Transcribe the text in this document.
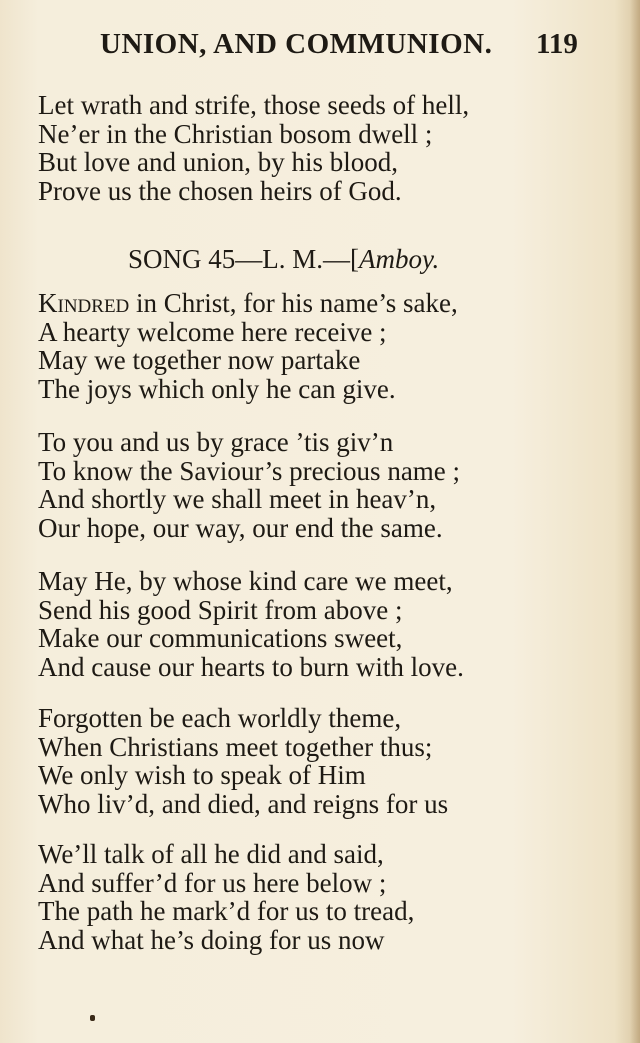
UNION, AND COMMUNION. 119
Let wrath and strife, those seeds of hell,
Ne’er in the Christian bosom dwell ;
But love and union, by his blood,
Prove us the chosen heirs of God.
SONG 45—L. M.—[Amboy.
Kindred in Christ, for his name’s sake,
A hearty welcome here receive ;
May we together now partake
The joys which only he can give.
To you and us by grace ’tis giv’n
To know the Saviour’s precious name ;
And shortly we shall meet in heav’n,
Our hope, our way, our end the same.
May He, by whose kind care we meet,
Send his good Spirit from above ;
Make our communications sweet,
And cause our hearts to burn with love.
Forgotten be each worldly theme,
When Christians meet together thus;
We only wish to speak of Him
Who liv’d, and died, and reigns for us
We’ll talk of all he did and said,
And suffer’d for us here below ;
The path he mark’d for us to tread,
And what he’s doing for us now
